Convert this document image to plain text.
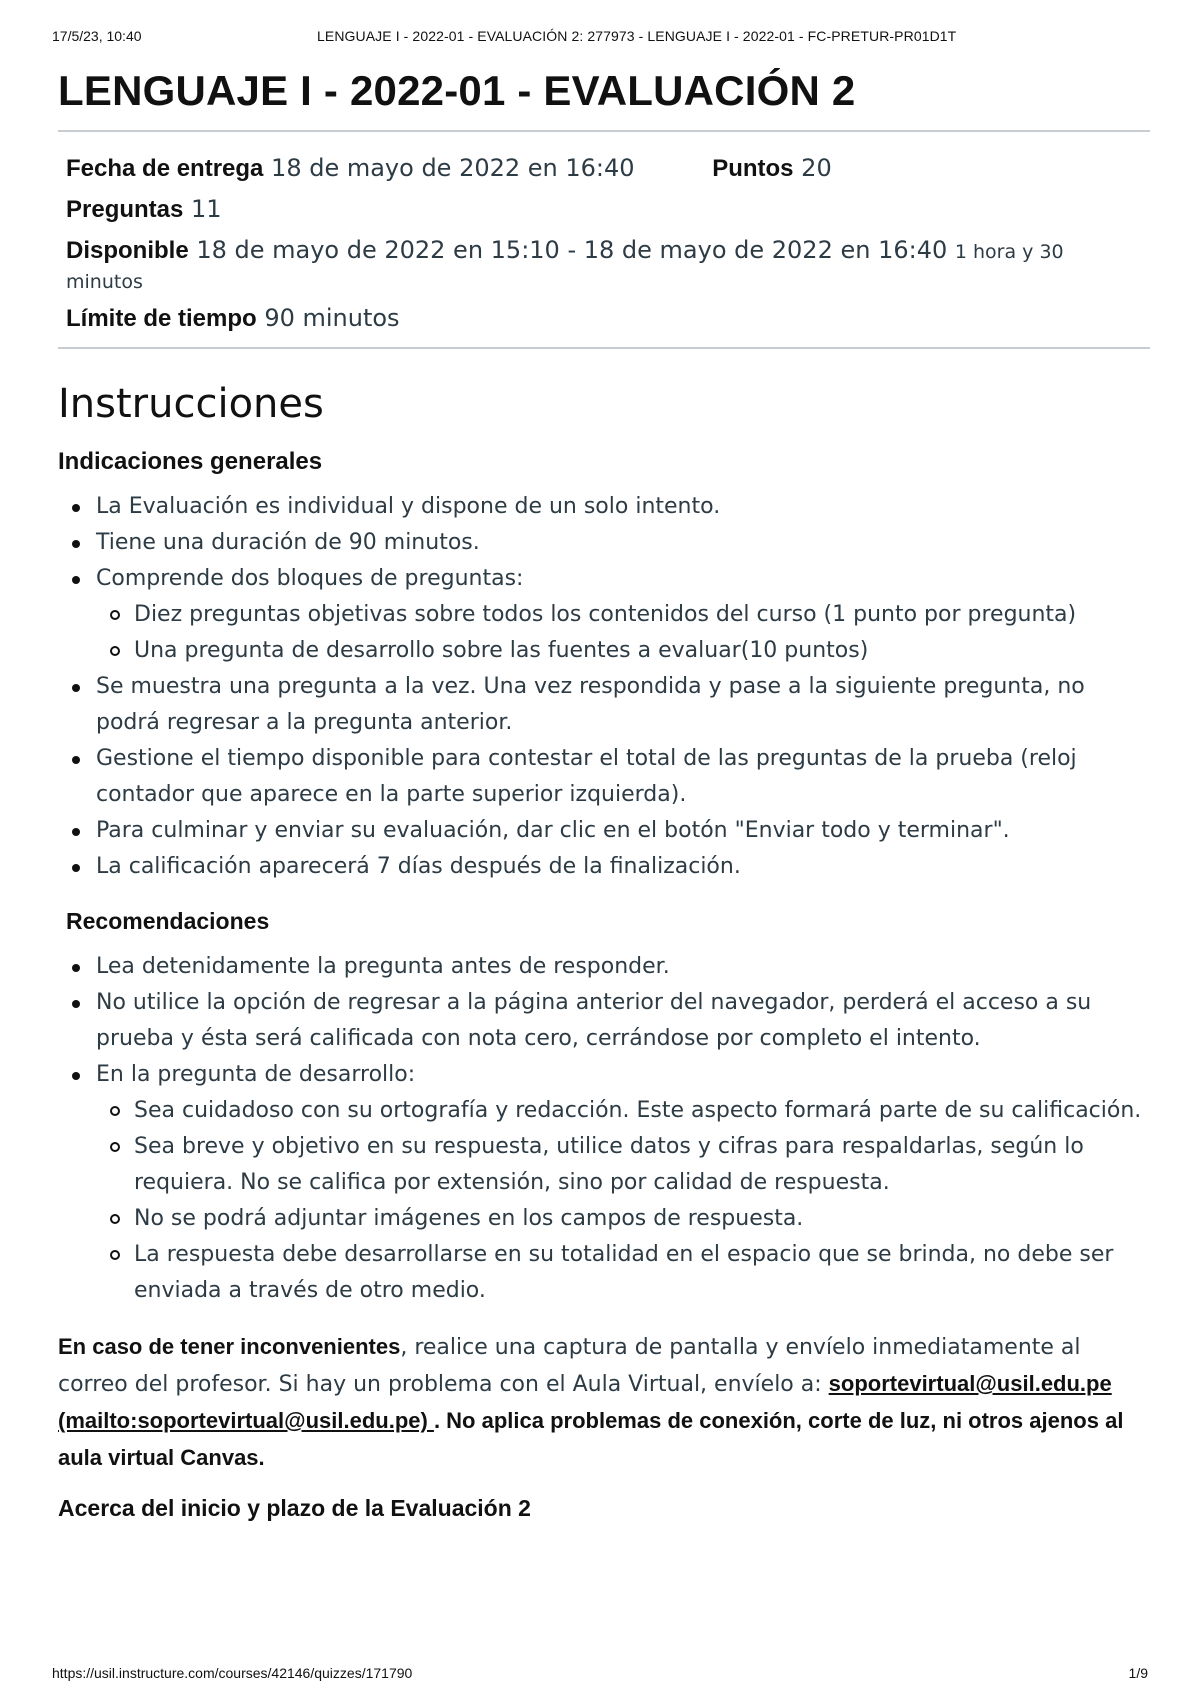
17/5/23, 10:40	LENGUAJE I - 2022-01 - EVALUACIÓN 2: 277973 - LENGUAJE I - 2022-01 - FC-PRETUR-PR01D1T
LENGUAJE I - 2022-01 - EVALUACIÓN 2
Fecha de entrega 18 de mayo de 2022 en 16:40	Puntos 20
Preguntas 11
Disponible 18 de mayo de 2022 en 15:10 - 18 de mayo de 2022 en 16:40 1 hora y 30
minutos
Límite de tiempo 90 minutos
Instrucciones
Indicaciones generales
La Evaluación es individual y dispone de un solo intento.
Tiene una duración de 90 minutos.
Comprende dos bloques de preguntas:
Diez preguntas objetivas sobre todos los contenidos del curso (1 punto por pregunta)
Una pregunta de desarrollo sobre las fuentes a evaluar(10 puntos)
Se muestra una pregunta a la vez. Una vez respondida y pase a la siguiente pregunta, no podrá regresar a la pregunta anterior.
Gestione el tiempo disponible para contestar el total de las preguntas de la prueba (reloj contador que aparece en la parte superior izquierda).
Para culminar y enviar su evaluación, dar clic en el botón "Enviar todo y terminar".
La calificación aparecerá 7 días después de la finalización.
Recomendaciones
Lea detenidamente la pregunta antes de responder.
No utilice la opción de regresar a la página anterior del navegador, perderá el acceso a su prueba y ésta será calificada con nota cero, cerrándose por completo el intento.
En la pregunta de desarrollo:
Sea cuidadoso con su ortografía y redacción. Este aspecto formará parte de su calificación.
Sea breve y objetivo en su respuesta, utilice datos y cifras para respaldarlas, según lo requiera. No se califica por extensión, sino por calidad de respuesta.
No se podrá adjuntar imágenes en los campos de respuesta.
La respuesta debe desarrollarse en su totalidad en el espacio que se brinda, no debe ser enviada a través de otro medio.

En caso de tener inconvenientes, realice una captura de pantalla y envíelo inmediatamente al correo del profesor. Si hay un problema con el Aula Virtual, envíelo a: soportevirtual@usil.edu.pe (mailto:soportevirtual@usil.edu.pe) . No aplica problemas de conexión, corte de luz, ni otros ajenos al aula virtual Canvas.

Acerca del inicio y plazo de la Evaluación 2
https://usil.instructure.com/courses/42146/quizzes/171790	1/9
